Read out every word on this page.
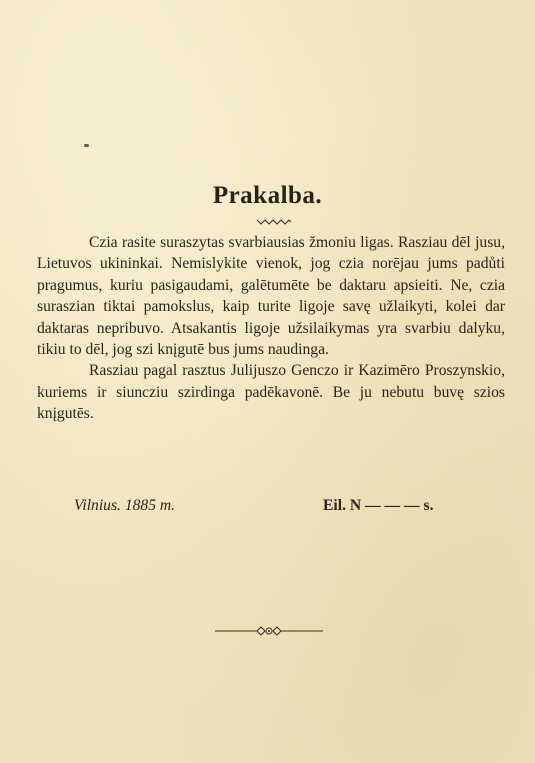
Prakalba.

Czia rasite suraszytas svarbiausias žmoniu ligas. Rasziau dēl jusu, Lietuvos ukininkai. Nemislykite vienok, jog czia norējau jums padůti pragumus, kuriu pasigaudami, galētumēte be daktaru apsieiti. Ne, czia suraszian tiktai pamokslus, kaip turite ligoje savę užlaikyti, kolei dar daktaras nepribuvo. Atsakantis ligoje užsilaikymas yra svarbiu dalyku, tikiu to dēl, jog szi knįgutē bus jums naudinga.

Rasziau pagal rasztus Julijuszo Genczo ir Kazimēro Proszynskio, kuriems ir siuncziu szirdinga padēkavonē. Be ju nebutu buvę szios knįgutēs.

Vilnius. 1885 m.	Eil. N — — — s.
